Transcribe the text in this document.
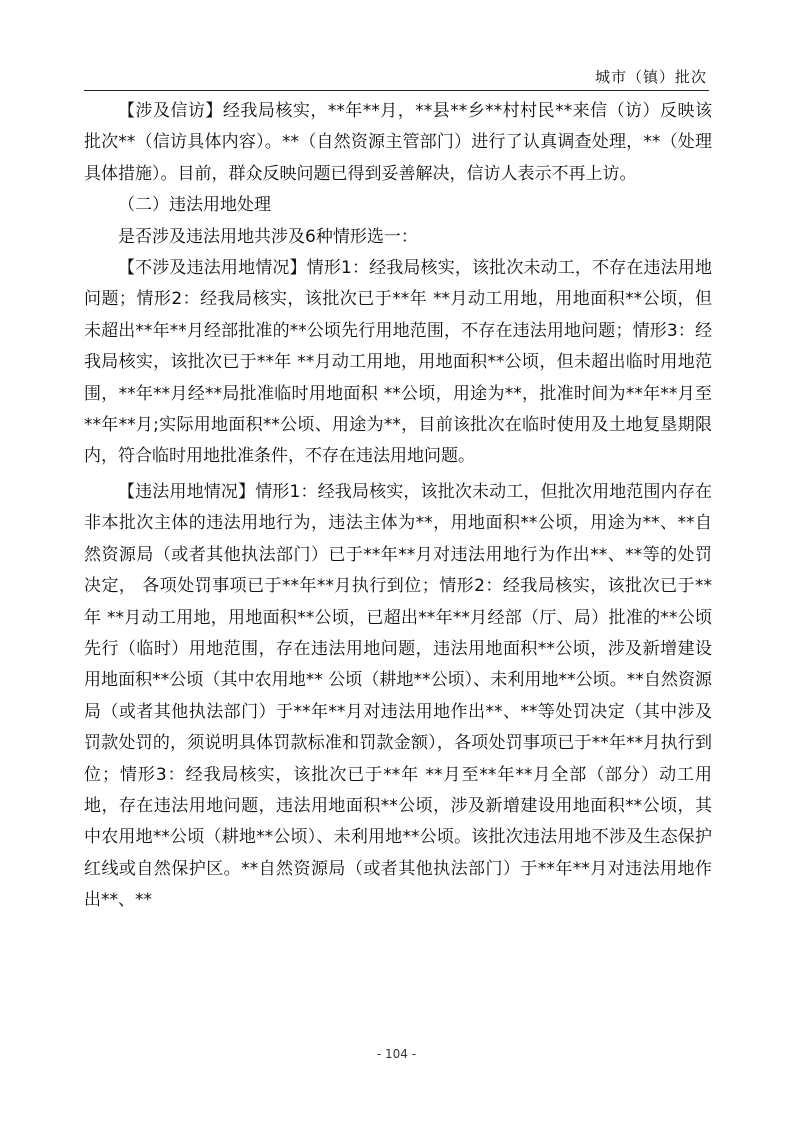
城市（镇）批次

【涉及信访】经我局核实，**年**月，**县**乡**村村民**来信（访）反映该批次**（信访具体内容）。**（自然资源主管部门）进行了认真调查处理，**（处理具体措施）。目前，群众反映问题已得到妥善解决，信访人表示不再上访。

（二）违法用地处理

是否涉及违法用地共涉及6种情形选一：

【不涉及违法用地情况】情形1：经我局核实，该批次未动工，不存在违法用地问题；情形2：经我局核实，该批次已于**年 **月动工用地，用地面积**公顷，但未超出**年**月经部批准的**公顷先行用地范围，不存在违法用地问题；情形3：经我局核实，该批次已于**年 **月动工用地，用地面积**公顷，但未超出临时用地范围，**年**月经**局批准临时用地面积 **公顷，用途为**，批准时间为**年**月至**年**月;实际用地面积**公顷、用途为**，目前该批次在临时使用及土地复垦期限内，符合临时用地批准条件，不存在违法用地问题。

【违法用地情况】情形1：经我局核实，该批次未动工，但批次用地范围内存在非本批次主体的违法用地行为，违法主体为**，用地面积**公顷，用途为**、**自然资源局（或者其他执法部门）已于**年**月对违法用地行为作出**、**等的处罚决定， 各项处罚事项已于**年**月执行到位；情形2：经我局核实，该批次已于**年 **月动工用地，用地面积**公顷，已超出**年**月经部（厅、局）批准的**公顷先行（临时）用地范围，存在违法用地问题，违法用地面积**公顷，涉及新增建设用地面积**公顷（其中农用地** 公顷（耕地**公顷）、未利用地**公顷。**自然资源局（或者其他执法部门）于**年**月对违法用地作出**、**等处罚决定（其中涉及罚款处罚的，须说明具体罚款标准和罚款金额），各项处罚事项已于**年**月执行到位；情形3：经我局核实，该批次已于**年 **月至**年**月全部（部分）动工用地，存在违法用地问题，违法用地面积**公顷，涉及新增建设用地面积**公顷，其中农用地**公顷（耕地**公顷）、未利用地**公顷。该批次违法用地不涉及生态保护红线或自然保护区。**自然资源局（或者其他执法部门）于**年**月对违法用地作出**、**

- 104 -
